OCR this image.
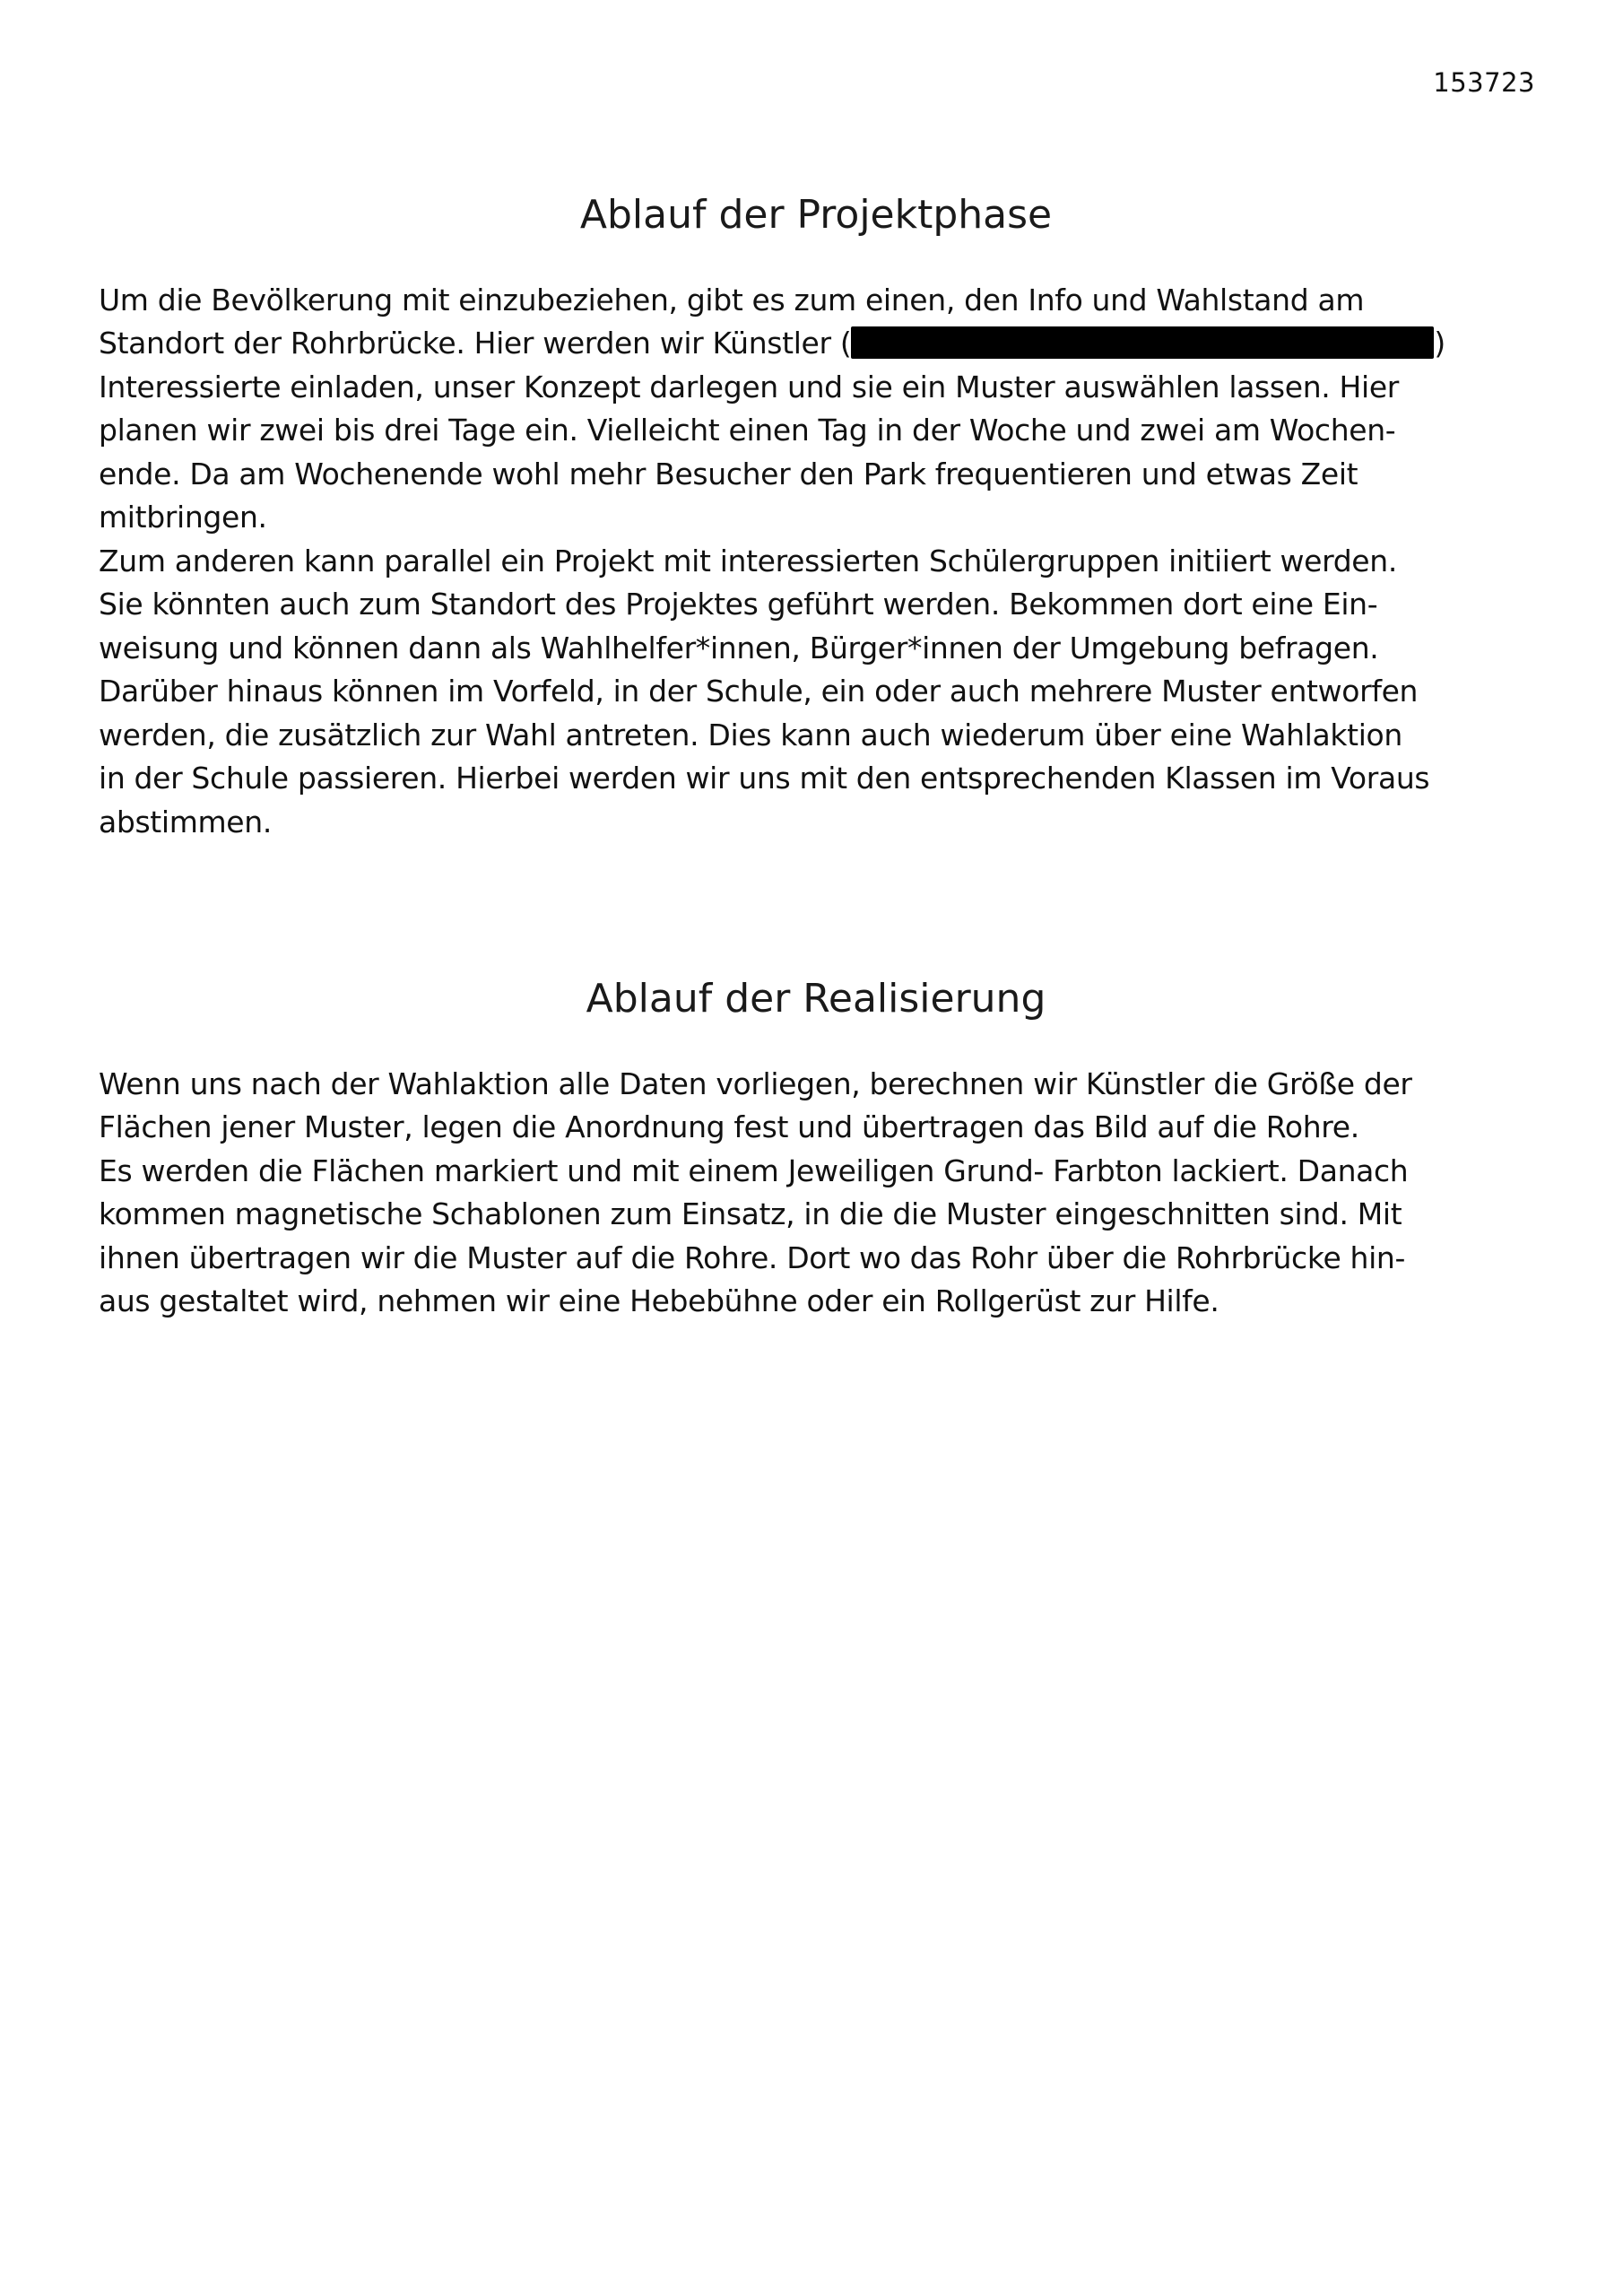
153723
Ablauf der Projektphase
Um die Bevölkerung mit einzubeziehen, gibt es zum einen, den Info und Wahlstand am
Standort der Rohrbrücke. Hier werden wir Künstler (	)
Interessierte einladen, unser Konzept darlegen und sie ein Muster auswählen lassen. Hier
planen wir zwei bis drei Tage ein. Vielleicht einen Tag in der Woche und zwei am Wochen-
ende. Da am Wochenende wohl mehr Besucher den Park frequentieren und etwas Zeit
mitbringen.
Zum anderen kann parallel ein Projekt mit interessierten Schülergruppen initiiert werden.
Sie könnten auch zum Standort des Projektes geführt werden. Bekommen dort eine Ein-
weisung und können dann als Wahlhelfer*innen, Bürger*innen der Umgebung befragen.
Darüber hinaus können im Vorfeld, in der Schule, ein oder auch mehrere Muster entworfen
werden, die zusätzlich zur Wahl antreten. Dies kann auch wiederum über eine Wahlaktion
in der Schule passieren. Hierbei werden wir uns mit den entsprechenden Klassen im Voraus
abstimmen.
Ablauf der Realisierung
Wenn uns nach der Wahlaktion alle Daten vorliegen, berechnen wir Künstler die Größe der
Flächen jener Muster, legen die Anordnung fest und übertragen das Bild auf die Rohre.
Es werden die Flächen markiert und mit einem Jeweiligen Grund- Farbton lackiert. Danach
kommen magnetische Schablonen zum Einsatz, in die die Muster eingeschnitten sind. Mit
ihnen übertragen wir die Muster auf die Rohre. Dort wo das Rohr über die Rohrbrücke hin-
aus gestaltet wird, nehmen wir eine Hebebühne oder ein Rollgerüst zur Hilfe.
